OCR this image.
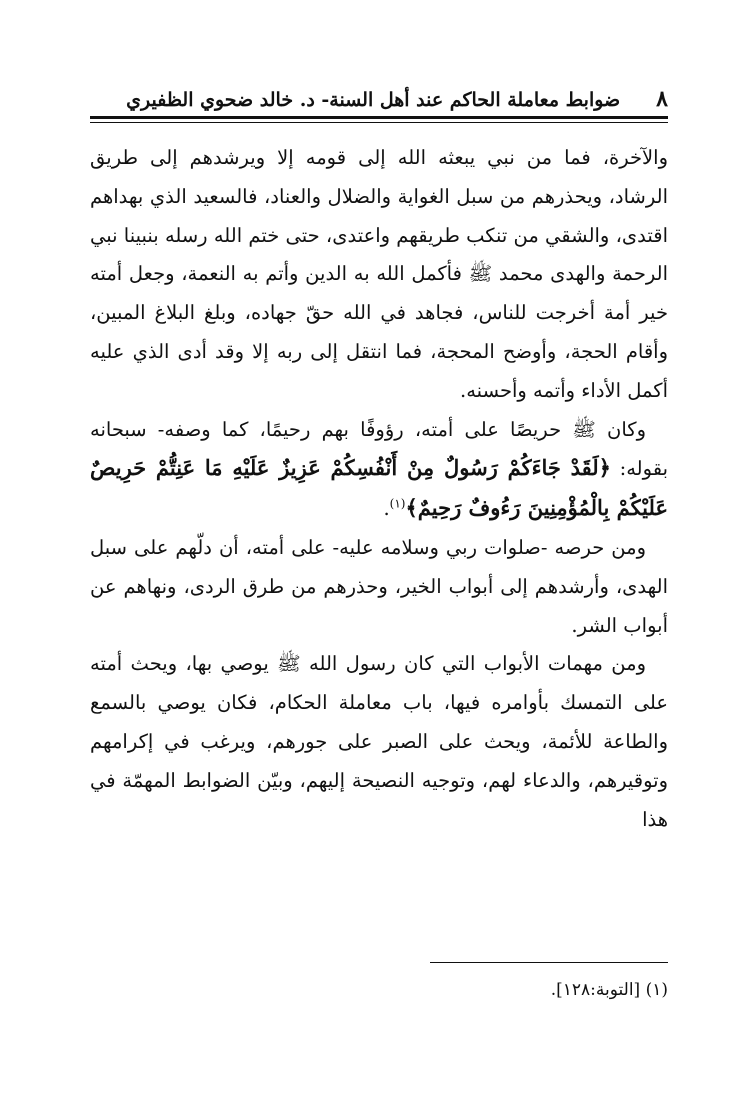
٨
ضوابط معاملة الحاكم عند أهل السنة- د. خالد ضحوي الظفيري

والآخرة، فما من نبي يبعثه الله إلى قومه إلا ويرشدهم إلى طريق الرشاد، ويحذرهم من سبل الغواية والضلال والعناد، فالسعيد الذي بهداهم اقتدى، والشقي من تنكب طريقهم واعتدى، حتى ختم الله رسله بنبينا نبي الرحمة والهدى محمد ﷺ فأكمل الله به الدين وأتم به النعمة، وجعل أمته خير أمة أخرجت للناس، فجاهد في الله حقّ جهاده، وبلغ البلاغ المبين، وأقام الحجة، وأوضح المحجة، فما انتقل إلى ربه إلا وقد أدى الذي عليه أكمل الأداء وأتمه وأحسنه.

وكان ﷺ حريصًا على أمته، رؤوفًا بهم رحيمًا، كما وصفه- سبحانه بقوله: ﴿لَقَدْ جَاءَكُمْ رَسُولٌ مِنْ أَنْفُسِكُمْ عَزِيزٌ عَلَيْهِ مَا عَنِتُّمْ حَرِيصٌ عَلَيْكُمْ بِالْمُؤْمِنِينَ رَءُوفٌ رَحِيمٌ﴾$^{(١)}$.

ومن حرصه -صلوات ربي وسلامه عليه- على أمته، أن دلّهم على سبل الهدى، وأرشدهم إلى أبواب الخير، وحذرهم من طرق الردى، ونهاهم عن أبواب الشر.

ومن مهمات الأبواب التي كان رسول الله ﷺ يوصي بها، ويحث أمته على التمسك بأوامره فيها، باب معاملة الحكام، فكان يوصي بالسمع والطاعة للأئمة، ويحث على الصبر على جورهم، ويرغب في إكرامهم وتوقيرهم، والدعاء لهم، وتوجيه النصيحة إليهم، وبيّن الضوابط المهمّة في هذا

(١) [التوبة:١٢٨].
